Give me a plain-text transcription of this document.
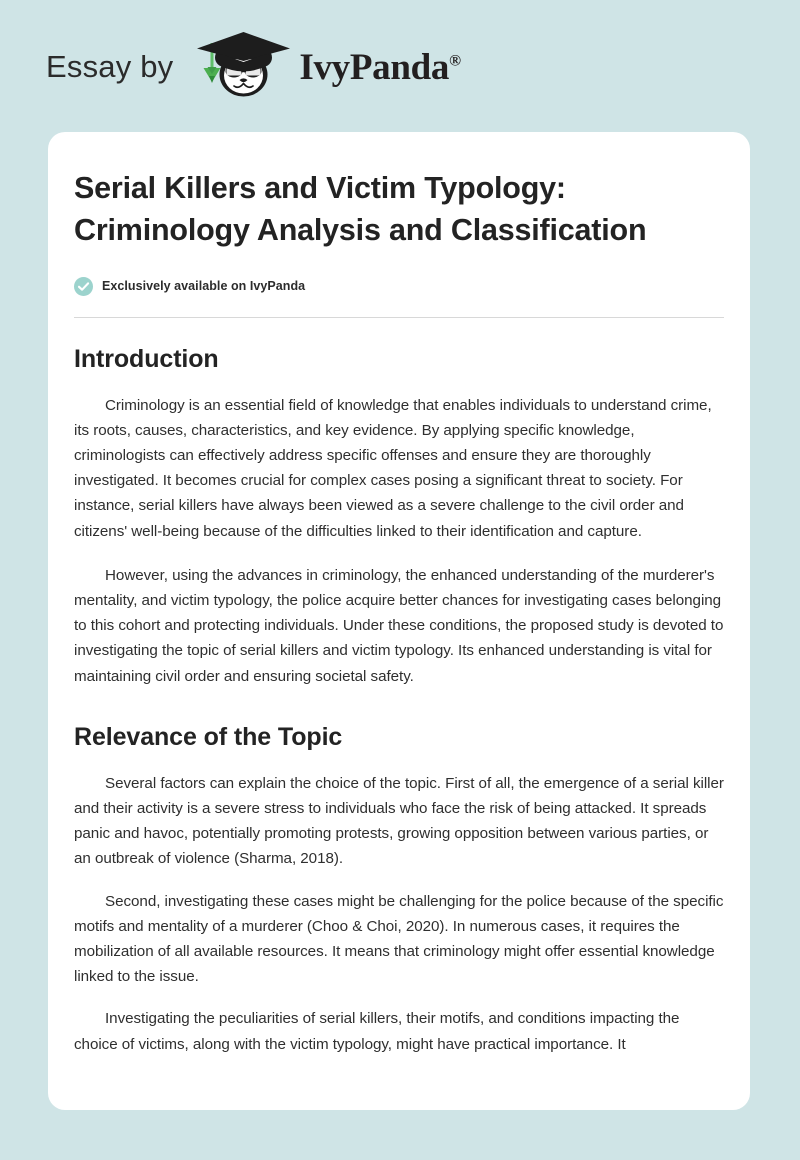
Essay by	IvyPanda®
Serial Killers and Victim Typology: Criminology Analysis and Classification
Exclusively available on IvyPanda
Introduction

Criminology is an essential field of knowledge that enables individuals to understand crime, its roots, causes, characteristics, and key evidence. By applying specific knowledge, criminologists can effectively address specific offenses and ensure they are thoroughly investigated. It becomes crucial for complex cases posing a significant threat to society. For instance, serial killers have always been viewed as a severe challenge to the civil order and citizens' well-being because of the difficulties linked to their identification and capture.

However, using the advances in criminology, the enhanced understanding of the murderer's mentality, and victim typology, the police acquire better chances for investigating cases belonging to this cohort and protecting individuals. Under these conditions, the proposed study is devoted to investigating the topic of serial killers and victim typology. Its enhanced understanding is vital for maintaining civil order and ensuring societal safety.

Relevance of the Topic

Several factors can explain the choice of the topic. First of all, the emergence of a serial killer and their activity is a severe stress to individuals who face the risk of being attacked. It spreads panic and havoc, potentially promoting protests, growing opposition between various parties, or an outbreak of violence (Sharma, 2018).

Second, investigating these cases might be challenging for the police because of the specific motifs and mentality of a murderer (Choo & Choi, 2020). In numerous cases, it requires the mobilization of all available resources. It means that criminology might offer essential knowledge linked to the issue.

Investigating the peculiarities of serial killers, their motifs, and conditions impacting the choice of victims, along with the victim typology, might have practical importance. It
